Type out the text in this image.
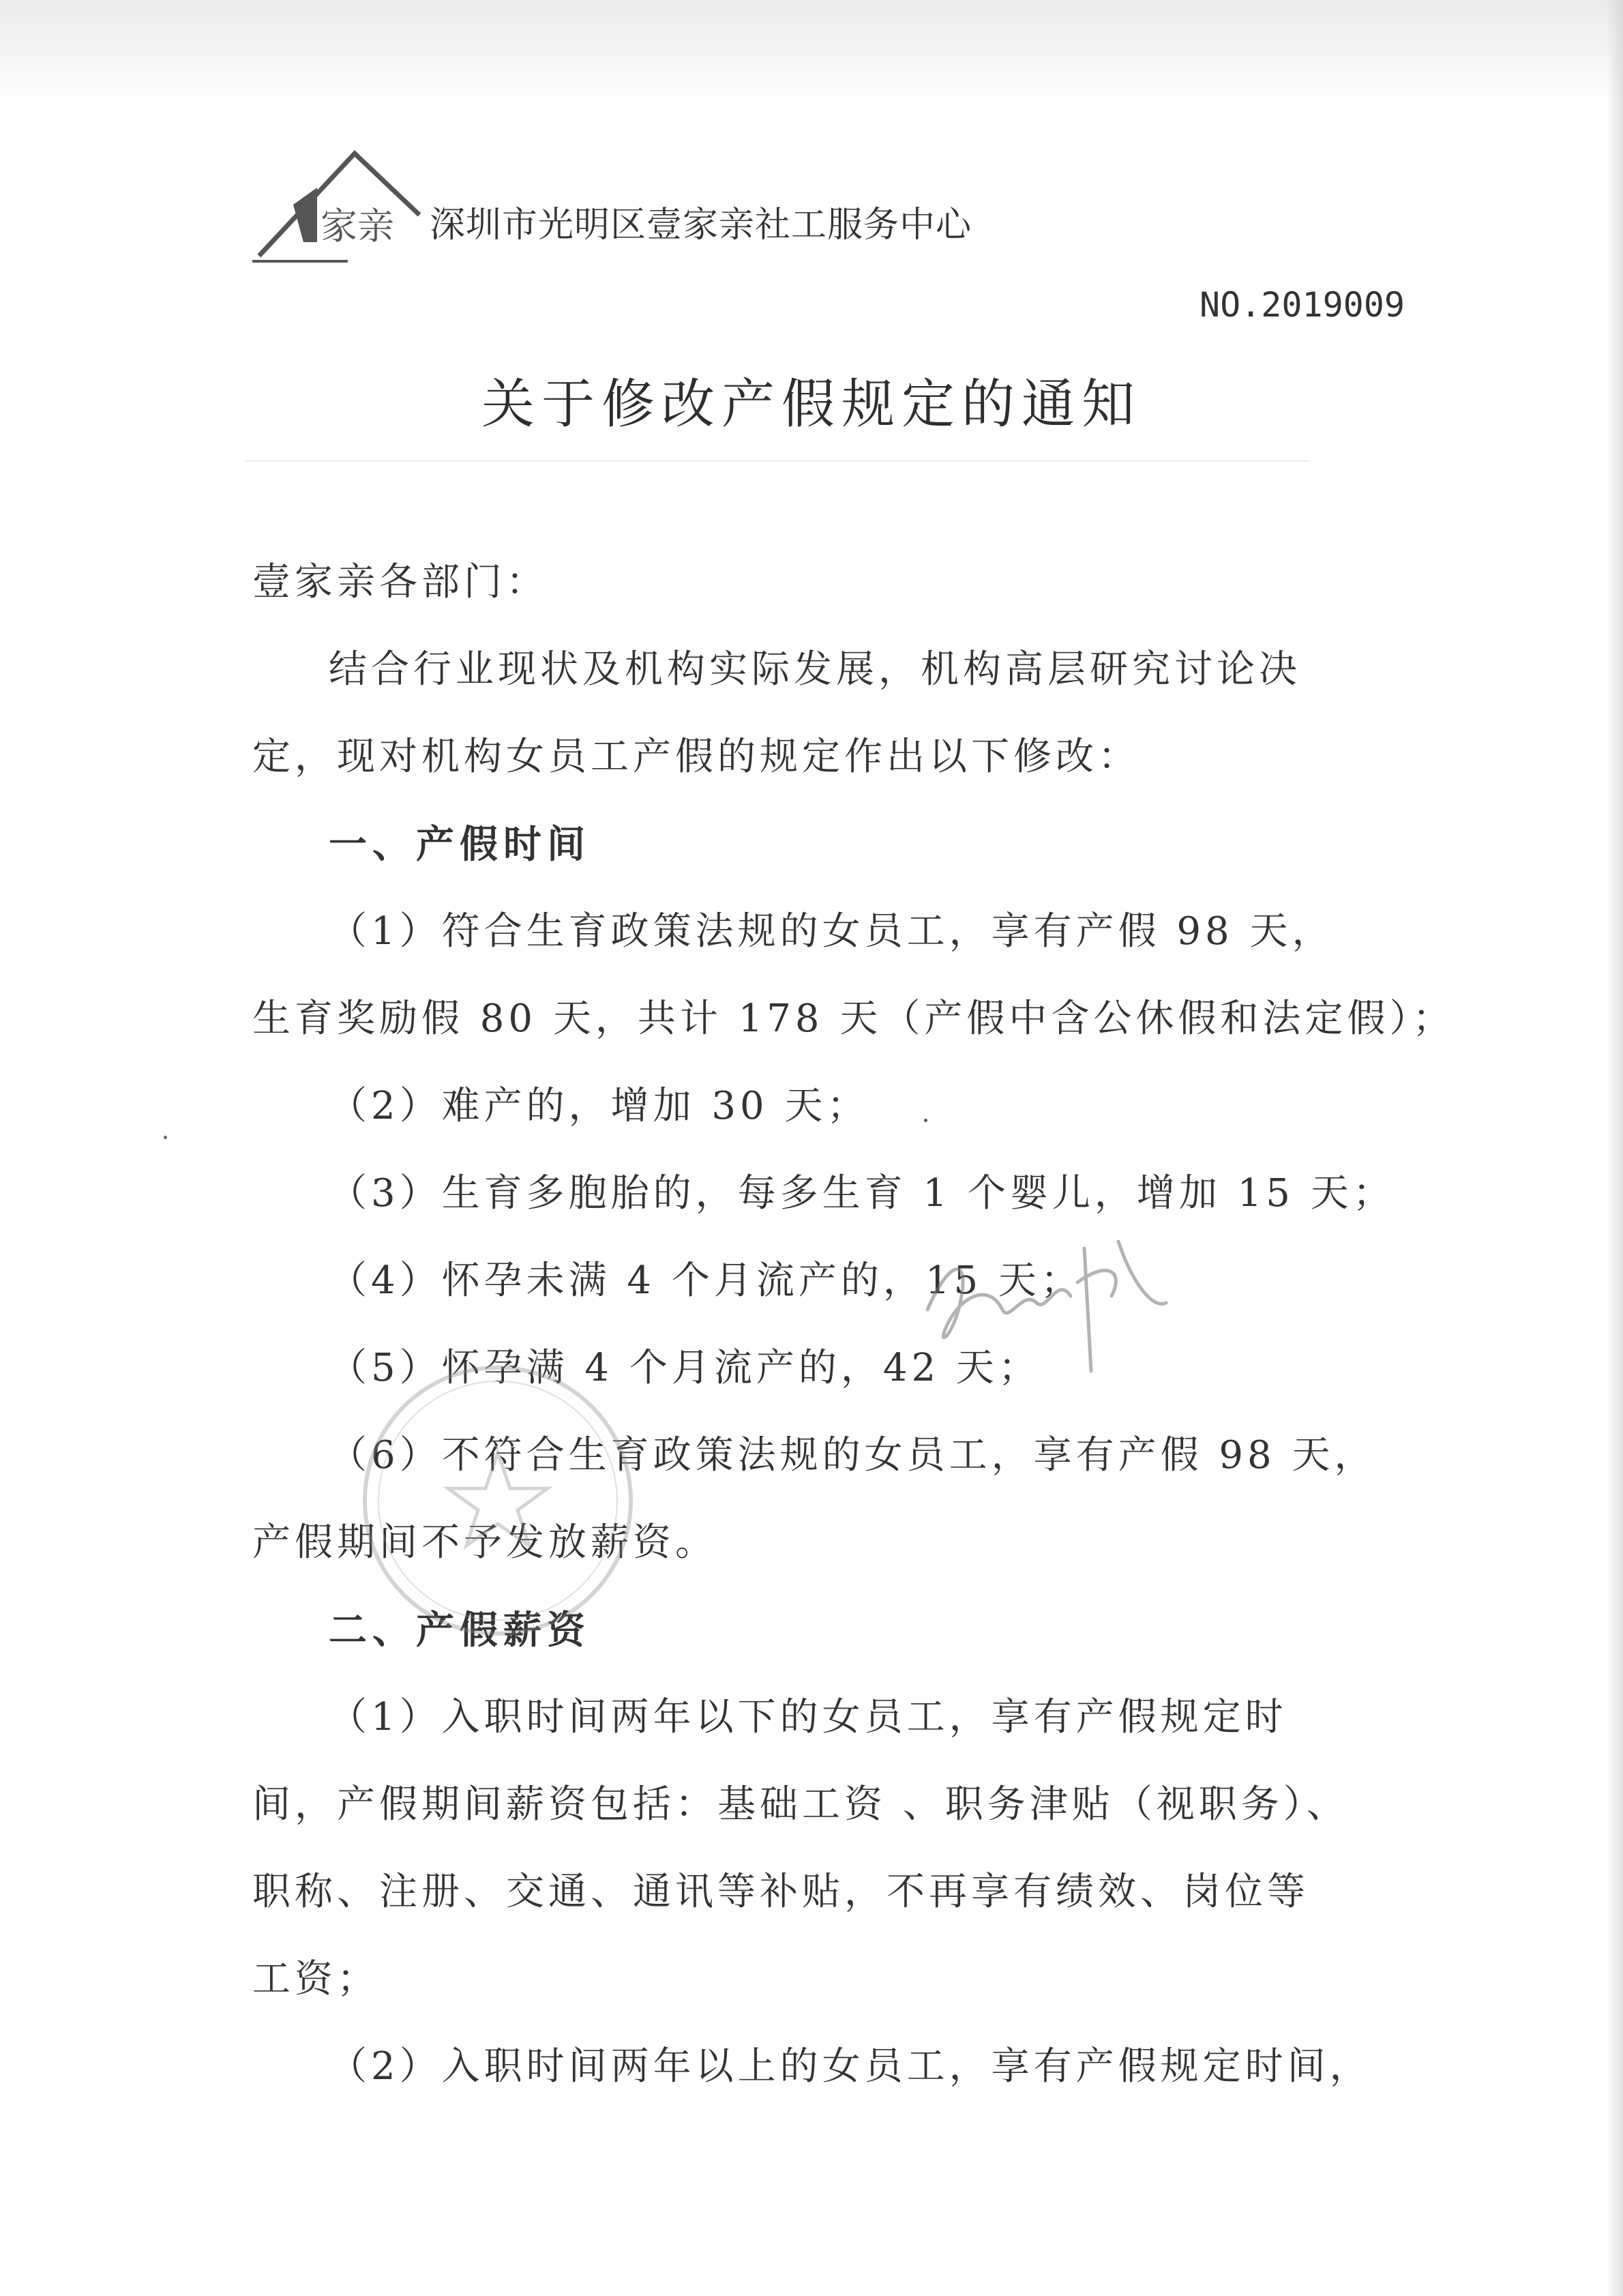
家亲 深圳市光明区壹家亲社工服务中心
NO.2019009
关于修改产假规定的通知
壹家亲各部门：
结合行业现状及机构实际发展，机构高层研究讨论决
定，现对机构女员工产假的规定作出以下修改：
一、产假时间
（1）符合生育政策法规的女员工，享有产假 98 天，
生育奖励假 80 天，共计 178 天（产假中含公休假和法定假）；
（2）难产的，增加 30 天；
（3）生育多胞胎的，每多生育 1 个婴儿，增加 15 天；
（4）怀孕未满 4 个月流产的，15 天；
（5）怀孕满 4 个月流产的，42 天；
（6）不符合生育政策法规的女员工，享有产假 98 天，
产假期间不予发放薪资。
二、产假薪资
（1）入职时间两年以下的女员工，享有产假规定时
间，产假期间薪资包括：基础工资 、职务津贴（视职务）、
职称、注册、交通、通讯等补贴，不再享有绩效、岗位等
工资；
（2）入职时间两年以上的女员工，享有产假规定时间，
